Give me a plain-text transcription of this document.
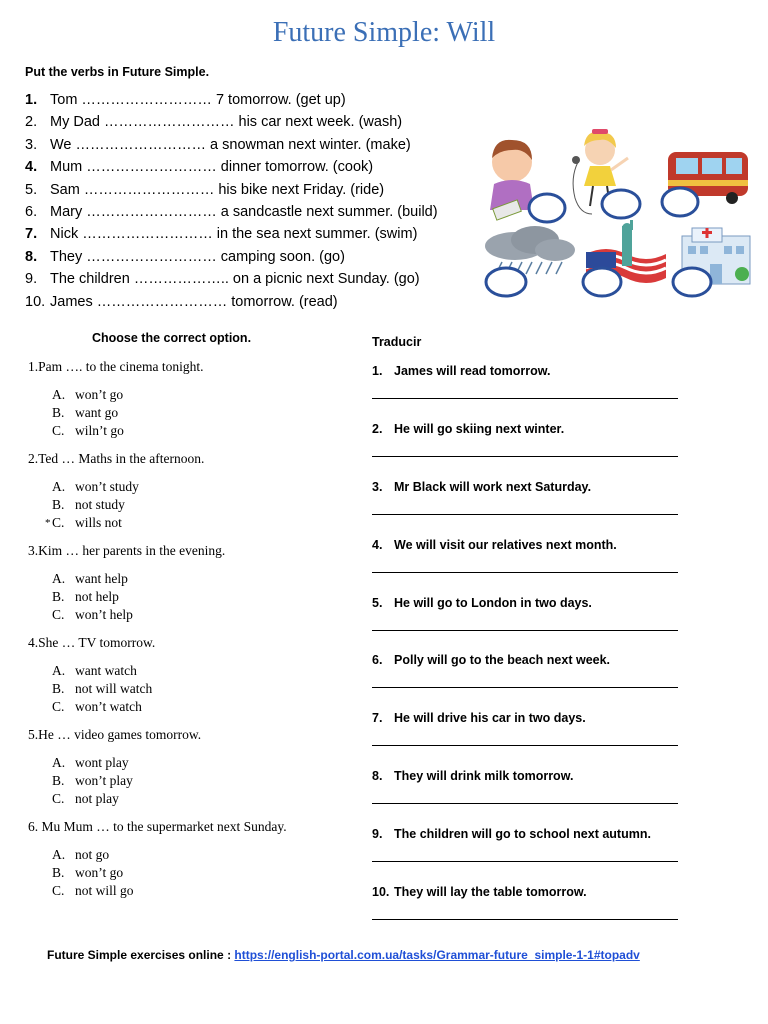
Future Simple: Will
Put the verbs in Future Simple.
1. Tom ……………………… 7 tomorrow. (get up)
2. My Dad ……………………… his car next week. (wash)
3. We ……………………… a snowman next winter. (make)
4. Mum ……………………… dinner tomorrow. (cook)
5. Sam ……………………… his bike next Friday. (ride)
6. Mary ……………………… a sandcastle next summer. (build)
7. Nick ……………………… in the sea next summer. (swim)
8. They ……………………… camping soon. (go)
9. The children ……………….. on a picnic next Sunday. (go)
10. James ……………………… tomorrow. (read)
Choose the correct option.	Traducir
1.Pam …. to the cinema tonight.
A. won’t go
B. want go
C. wiln’t go
2.Ted … Maths in the afternoon.
A. won’t study
B. not study
* C. wills not
3.Kim … her parents in the evening.
A. want help
B. not help
C. won’t help
4.She … TV tomorrow.
A. want watch
B. not will watch
C. won’t watch
5.He … video games tomorrow.
A. wont play
B. won’t play
C. not play
6. Mu Mum … to the supermarket next Sunday.
A. not go
B. won’t go
C. not will go
1. James will read tomorrow.
2. He will go skiing next winter.
3. Mr Black will work next Saturday.
4. We will visit our relatives next month.
5. He will go to London in two days.
6. Polly will go to the beach next week.
7. He will drive his car in two days.
8. They will drink milk tomorrow.
9. The children will go to school next autumn.
10. They will lay the table tomorrow.
Future Simple exercises online : https://english-portal.com.ua/tasks/Grammar-future_simple-1-1#topadv
